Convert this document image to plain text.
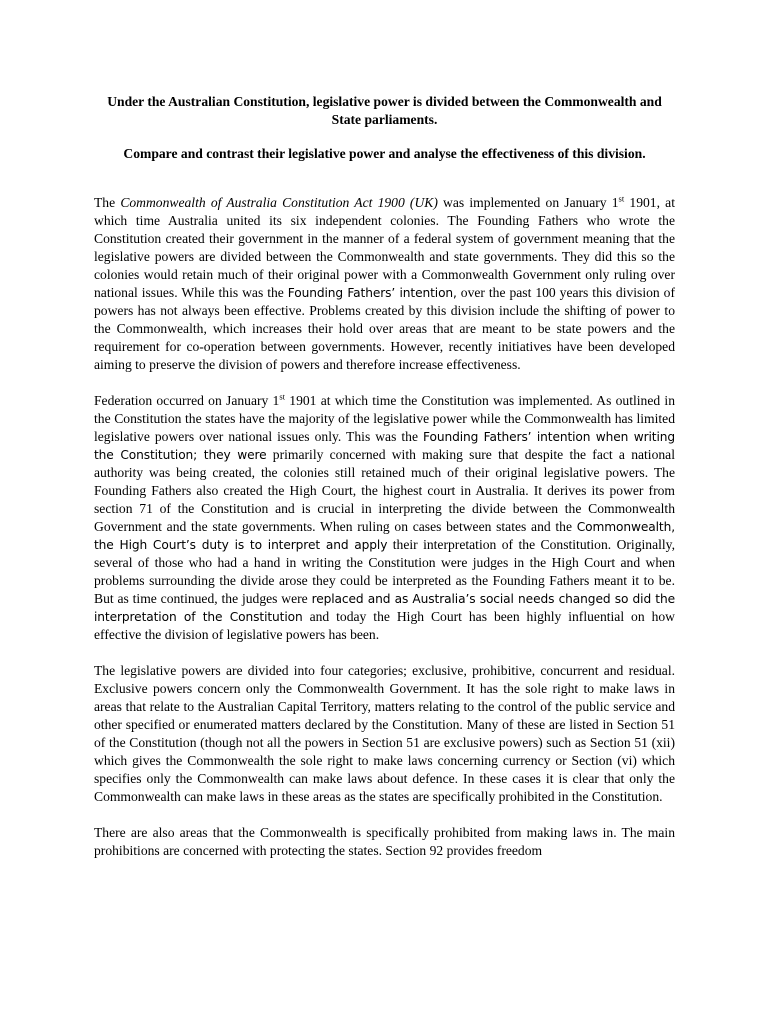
Under the Australian Constitution, legislative power is divided between the Commonwealth and State parliaments.

Compare and contrast their legislative power and analyse the effectiveness of this division.

The Commonwealth of Australia Constitution Act 1900 (UK) was implemented on January 1st 1901, at which time Australia united its six independent colonies. The Founding Fathers who wrote the Constitution created their government in the manner of a federal system of government meaning that the legislative powers are divided between the Commonwealth and state governments. They did this so the colonies would retain much of their original power with a Commonwealth Government only ruling over national issues. While this was the Founding Fathers’ intention, over the past 100 years this division of powers has not always been effective. Problems created by this division include the shifting of power to the Commonwealth, which increases their hold over areas that are meant to be state powers and the requirement for co-operation between governments. However, recently initiatives have been developed aiming to preserve the division of powers and therefore increase effectiveness.

Federation occurred on January 1st 1901 at which time the Constitution was implemented. As outlined in the Constitution the states have the majority of the legislative power while the Commonwealth has limited legislative powers over national issues only. This was the Founding Fathers’ intention when writing the Constitution; they were primarily concerned with making sure that despite the fact a national authority was being created, the colonies still retained much of their original legislative powers. The Founding Fathers also created the High Court, the highest court in Australia. It derives its power from section 71 of the Constitution and is crucial in interpreting the divide between the Commonwealth Government and the state governments. When ruling on cases between states and the Commonwealth, the High Court’s duty is to interpret and apply their interpretation of the Constitution. Originally, several of those who had a hand in writing the Constitution were judges in the High Court and when problems surrounding the divide arose they could be interpreted as the Founding Fathers meant it to be. But as time continued, the judges were replaced and as Australia’s social needs changed so did the interpretation of the Constitution and today the High Court has been highly influential on how effective the division of legislative powers has been.

The legislative powers are divided into four categories; exclusive, prohibitive, concurrent and residual. Exclusive powers concern only the Commonwealth Government. It has the sole right to make laws in areas that relate to the Australian Capital Territory, matters relating to the control of the public service and other specified or enumerated matters declared by the Constitution. Many of these are listed in Section 51 of the Constitution (though not all the powers in Section 51 are exclusive powers) such as Section 51 (xii) which gives the Commonwealth the sole right to make laws concerning currency or Section (vi) which specifies only the Commonwealth can make laws about defence. In these cases it is clear that only the Commonwealth can make laws in these areas as the states are specifically prohibited in the Constitution.

There are also areas that the Commonwealth is specifically prohibited from making laws in. The main prohibitions are concerned with protecting the states. Section 92 provides freedom
